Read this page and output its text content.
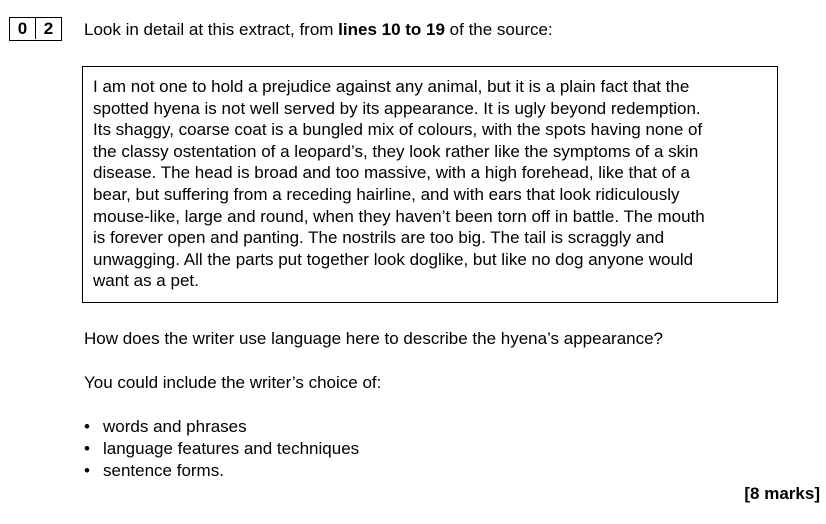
0 2	Look in detail at this extract, from lines 10 to 19 of the source:
I am not one to hold a prejudice against any animal, but it is a plain fact that the
spotted hyena is not well served by its appearance. It is ugly beyond redemption.
Its shaggy, coarse coat is a bungled mix of colours, with the spots having none of
the classy ostentation of a leopard’s, they look rather like the symptoms of a skin
disease. The head is broad and too massive, with a high forehead, like that of a
bear, but suffering from a receding hairline, and with ears that look ridiculously
mouse-like, large and round, when they haven’t been torn off in battle. The mouth
is forever open and panting. The nostrils are too big. The tail is scraggly and
unwagging. All the parts put together look doglike, but like no dog anyone would
want as a pet.
How does the writer use language here to describe the hyena’s appearance?
You could include the writer’s choice of:
• words and phrases
• language features and techniques
• sentence forms.
[8 marks]
